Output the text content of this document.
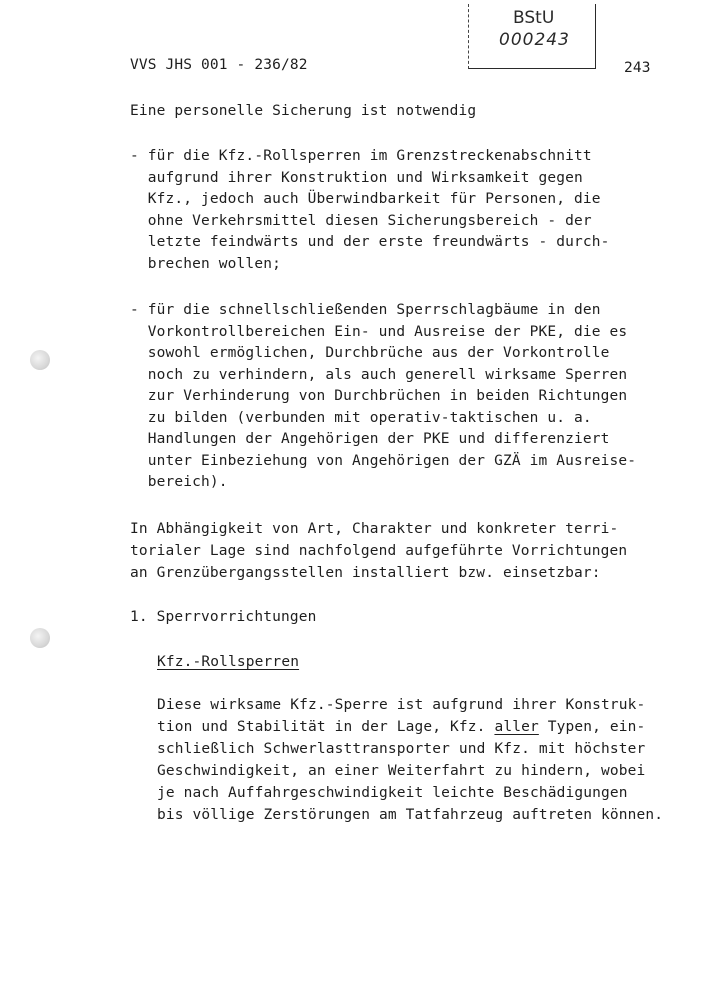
BStU
000243
VVS JHS 001 - 236/82	243
Eine personelle Sicherung ist notwendig
- für die Kfz.-Rollsperren im Grenzstreckenabschnitt
aufgrund ihrer Konstruktion und Wirksamkeit gegen
Kfz., jedoch auch Überwindbarkeit für Personen, die
ohne Verkehrsmittel diesen Sicherungsbereich - der
letzte feindwärts und der erste freundwärts - durch-
brechen wollen;
- für die schnellschließenden Sperrschlagbäume in den
Vorkontrollbereichen Ein- und Ausreise der PKE, die es
sowohl ermöglichen, Durchbrüche aus der Vorkontrolle
noch zu verhindern, als auch generell wirksame Sperren
zur Verhinderung von Durchbrüchen in beiden Richtungen
zu bilden (verbunden mit operativ-taktischen u. a.
Handlungen der Angehörigen der PKE und differenziert
unter Einbeziehung von Angehörigen der GZÄ im Ausreise-
bereich).
In Abhängigkeit von Art, Charakter und konkreter terri-
torialer Lage sind nachfolgend aufgeführte Vorrichtungen
an Grenzübergangsstellen installiert bzw. einsetzbar:
1. Sperrvorrichtungen
Kfz.-Rollsperren
Diese wirksame Kfz.-Sperre ist aufgrund ihrer Konstruk-
tion und Stabilität in der Lage, Kfz. aller Typen, ein-
schließlich Schwerlasttransporter und Kfz. mit höchster
Geschwindigkeit, an einer Weiterfahrt zu hindern, wobei
je nach Auffahrgeschwindigkeit leichte Beschädigungen
bis völlige Zerstörungen am Tatfahrzeug auftreten können.
